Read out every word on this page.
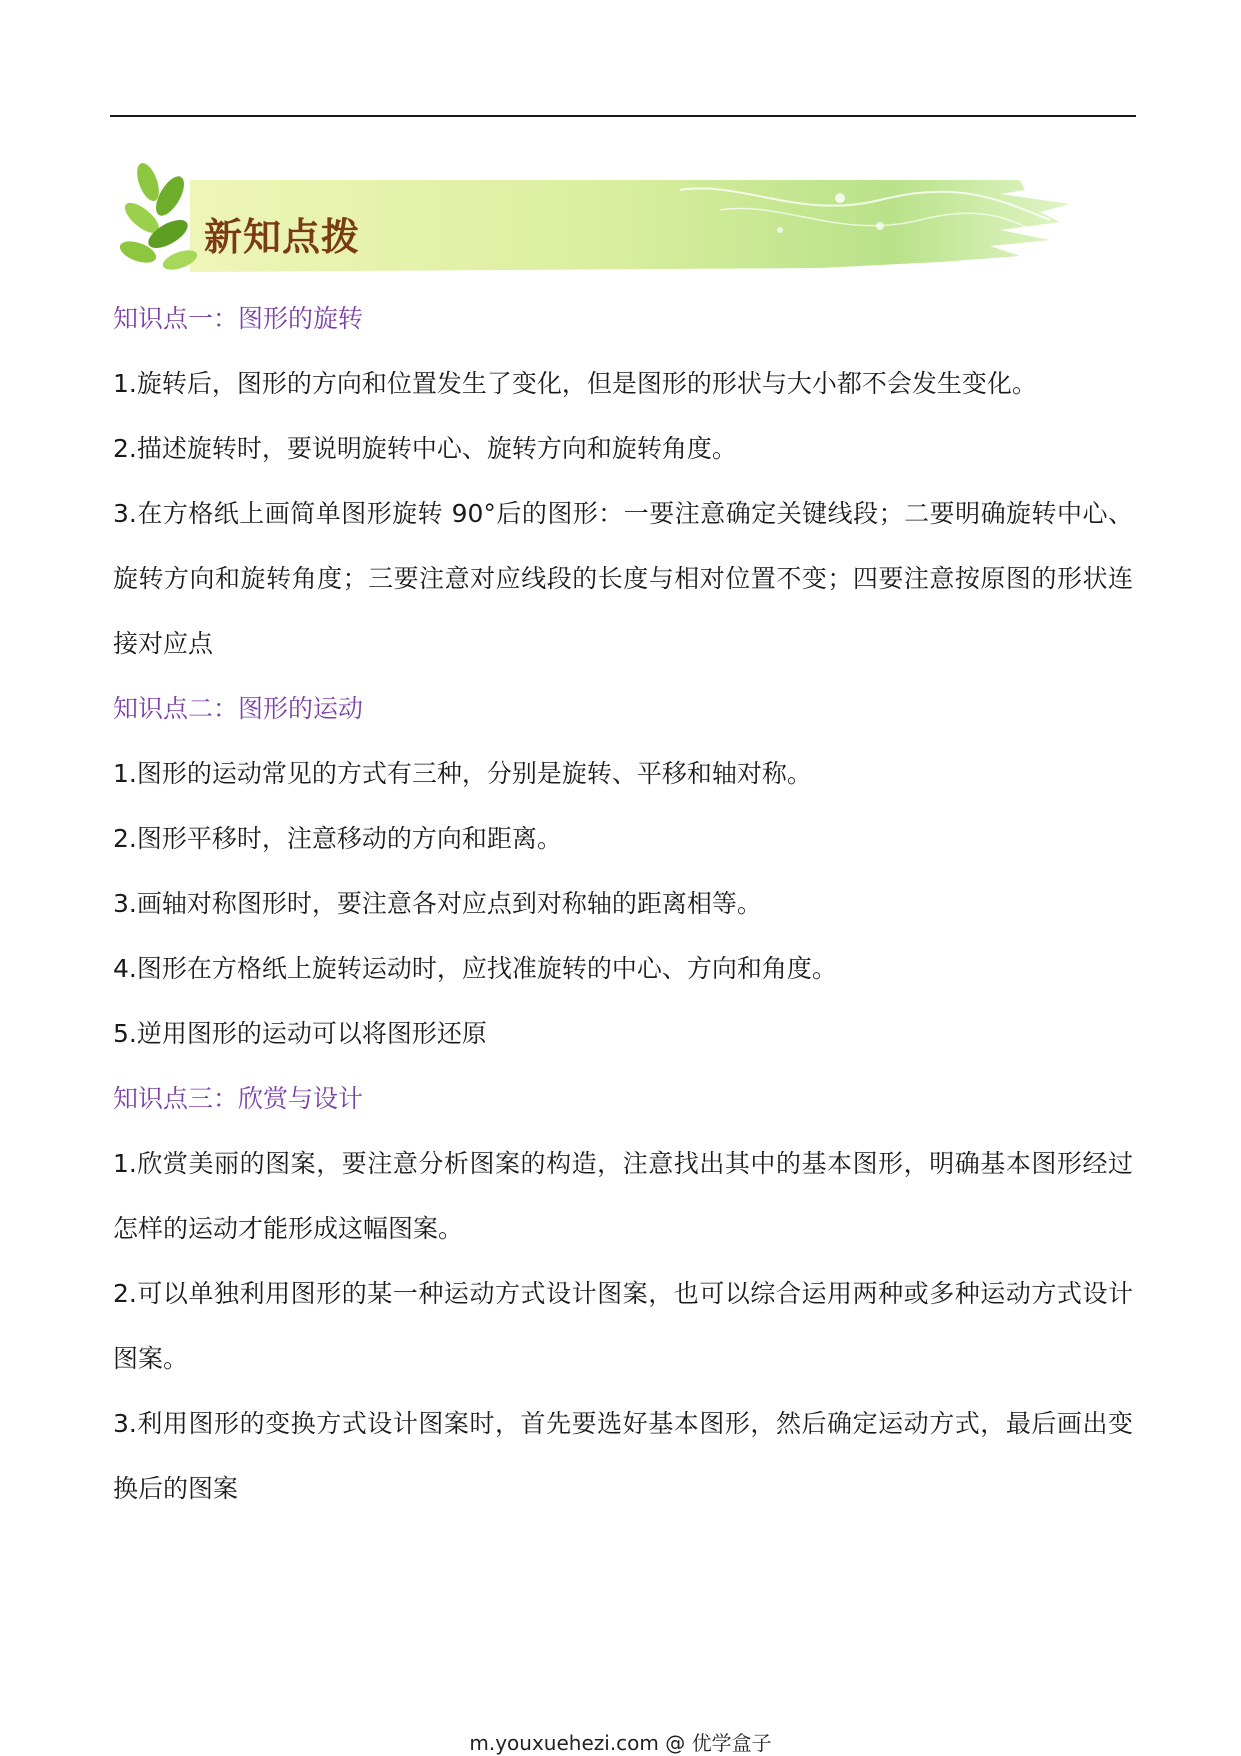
新知点拨
知识点一：图形的旋转
1.旋转后，图形的方向和位置发生了变化，但是图形的形状与大小都不会发生变化。
2.描述旋转时，要说明旋转中心、旋转方向和旋转角度。
3.在方格纸上画简单图形旋转 90°后的图形：一要注意确定关键线段；二要明确旋转中心、旋转方向和旋转角度；三要注意对应线段的长度与相对位置不变；四要注意按原图的形状连接对应点
知识点二：图形的运动
1.图形的运动常见的方式有三种，分别是旋转、平移和轴对称。
2.图形平移时，注意移动的方向和距离。
3.画轴对称图形时，要注意各对应点到对称轴的距离相等。
4.图形在方格纸上旋转运动时，应找准旋转的中心、方向和角度。
5.逆用图形的运动可以将图形还原
知识点三：欣赏与设计
1.欣赏美丽的图案，要注意分析图案的构造，注意找出其中的基本图形，明确基本图形经过怎样的运动才能形成这幅图案。
2.可以单独利用图形的某一种运动方式设计图案，也可以综合运用两种或多种运动方式设计图案。
3.利用图形的变换方式设计图案时，首先要选好基本图形，然后确定运动方式，最后画出变换后的图案
m.youxuehezi.com @ 优学盒子
